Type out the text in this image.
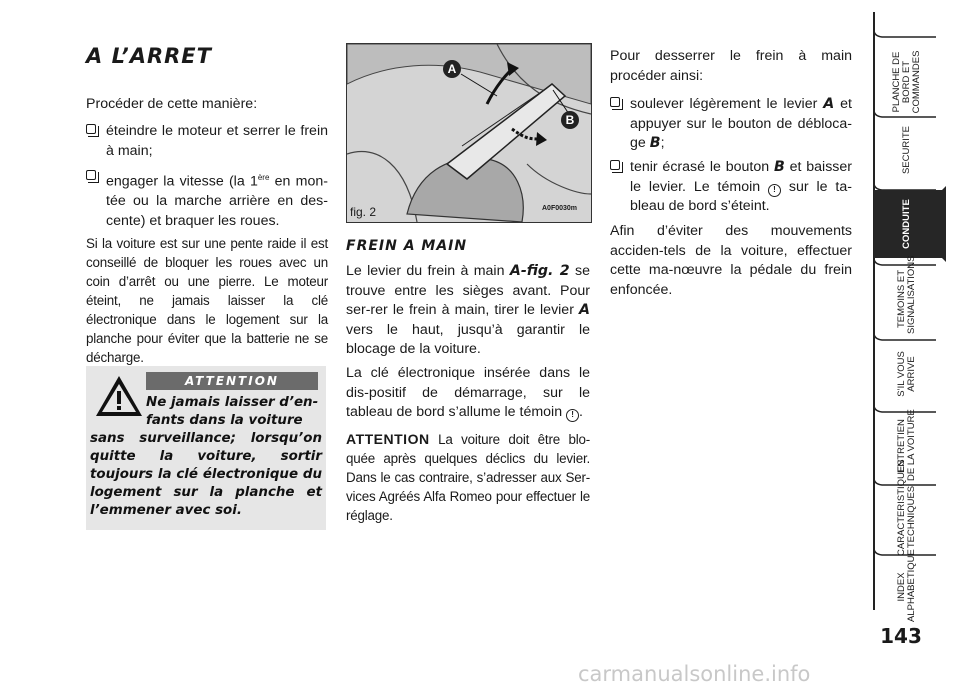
A L’ARRET
Procéder de cette manière:
éteindre le moteur et serrer le frein à main;
engager la vitesse (la 1ère en mon-tée ou la marche arrière en des-cente) et braquer les roues.
Si la voiture est sur une pente raide il est conseillé de bloquer les roues avec un coin d’arrêt ou une pierre. Le moteur éteint, ne jamais laisser la clé électronique dans le logement sur la planche pour éviter que la batterie ne se décharge.
ATTENTION
Ne jamais laisser d’en-
fants dans la voiture
sans surveillance; lorsqu’on quitte la voiture, sortir toujours la clé électronique du logement sur la planche et l’emmener avec soi.
A
B
fig. 2	A0F0030m
FREIN A MAIN
Le levier du frein à main A-fig. 2 se trouve entre les sièges avant. Pour ser-rer le frein à main, tirer le levier A vers le haut, jusqu’à garantir le blocage de la voiture.
La clé électronique insérée dans le dis-positif de démarrage, sur le tableau de bord s’allume le témoin ! .
ATTENTION La voiture doit être blo-quée après quelques déclics du levier. Dans le cas contraire, s’adresser aux Ser-vices Agréés Alfa Romeo pour effectuer le réglage.
Pour desserrer le frein à main procéder ainsi:
soulever légèrement le levier A et appuyer sur le bouton de débloca-ge B;
tenir écrasé le bouton B et baisser le levier. Le témoin ! sur le ta-bleau de bord s’éteint.
Afin d’éviter des mouvements acciden-tels de la voiture, effectuer cette ma-nœuvre la pédale du frein enfoncée.
PLANCHE DE
BORD ET
COMMANDES
SECURITE
CONDUITE
TEMOINS ET
SIGNALISATIONS
S’IL VOUS
ARRIVE
ENTRETIEN
DE LA VOITURE
CARACTERISTIQUES
TECHNIQUES
INDEX
ALPHABETIQUE
143
carmanualsonline.info
